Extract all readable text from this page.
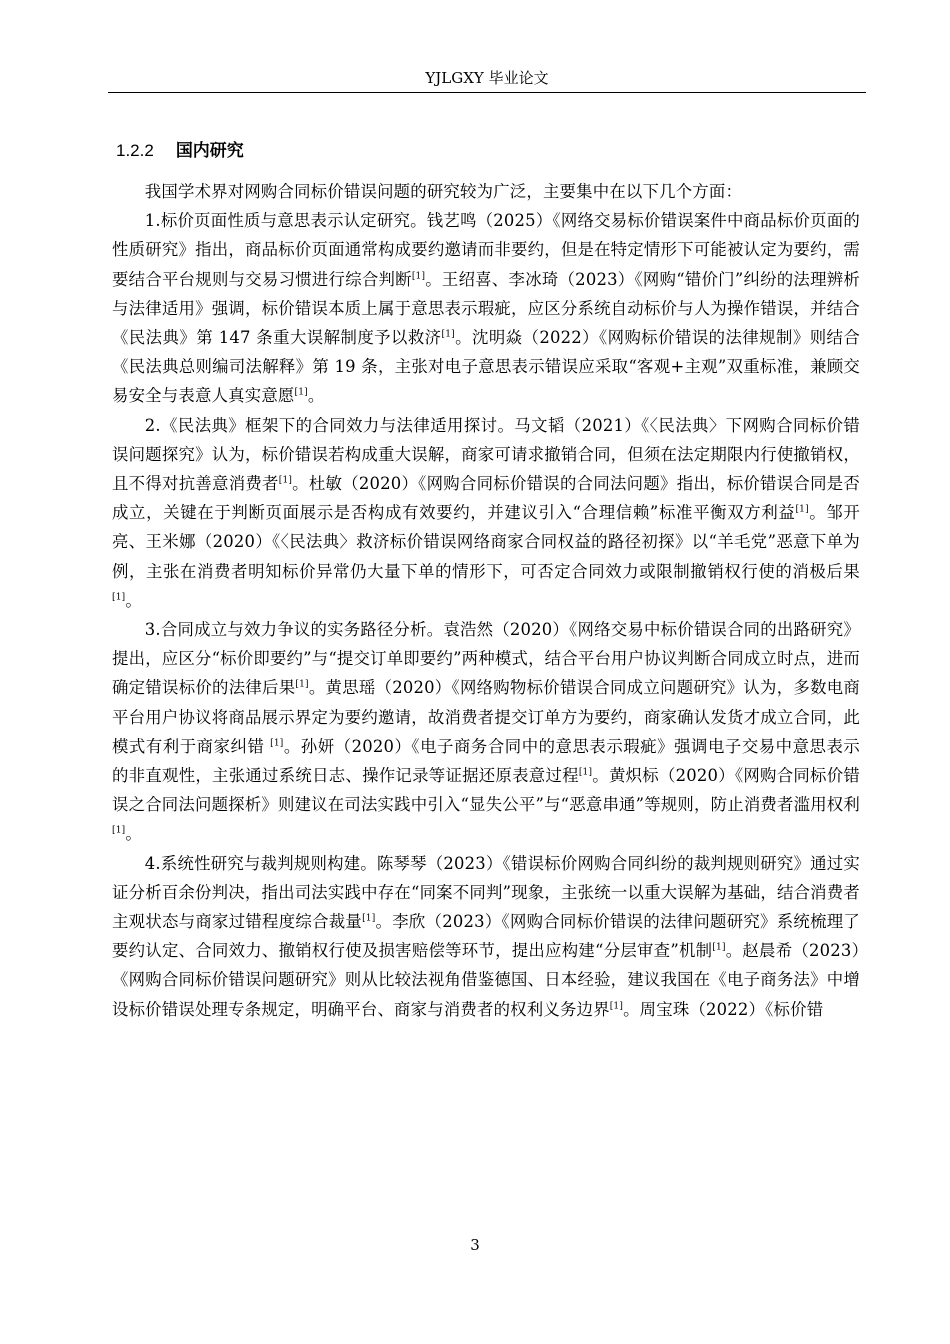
YJLGXY 毕业论文
1.2.2 国内研究

我国学术界对网购合同标价错误问题的研究较为广泛，主要集中在以下几个方面：

1.标价页面性质与意思表示认定研究。钱艺鸣（2025）《网络交易标价错误案件中商品标价页面的性质研究》指出，商品标价页面通常构成要约邀请而非要约，但是在特定情形下可能被认定为要约，需要结合平台规则与交易习惯进行综合判断[1]。王绍喜、李冰琦（2023）《网购“错价门”纠纷的法理辨析与法律适用》强调，标价错误本质上属于意思表示瑕疵，应区分系统自动标价与人为操作错误，并结合《民法典》第 147 条重大误解制度予以救济[1]。沈明焱（2022）《网购标价错误的法律规制》则结合《民法典总则编司法解释》第 19 条，主张对电子意思表示错误应采取“客观+主观”双重标准，兼顾交易安全与表意人真实意愿[1]。

2.《民法典》框架下的合同效力与法律适用探讨。马文韬（2021）《〈民法典〉下网购合同标价错误问题探究》认为，标价错误若构成重大误解，商家可请求撤销合同，但须在法定期限内行使撤销权，且不得对抗善意消费者[1]。杜敏（2020）《网购合同标价错误的合同法问题》指出，标价错误合同是否成立，关键在于判断页面展示是否构成有效要约，并建议引入“合理信赖”标准平衡双方利益[1]。邹开亮、王米娜（2020）《〈民法典〉救济标价错误网络商家合同权益的路径初探》以“羊毛党”恶意下单为例，主张在消费者明知标价异常仍大量下单的情形下，可否定合同效力或限制撤销权行使的消极后果[1]。

3.合同成立与效力争议的实务路径分析。袁浩然（2020）《网络交易中标价错误合同的出路研究》提出，应区分“标价即要约”与“提交订单即要约”两种模式，结合平台用户协议判断合同成立时点，进而确定错误标价的法律后果[1]。黄思瑶（2020）《网络购物标价错误合同成立问题研究》认为，多数电商平台用户协议将商品展示界定为要约邀请，故消费者提交订单方为要约，商家确认发货才成立合同，此模式有利于商家纠错 [1]。孙妍（2020）《电子商务合同中的意思表示瑕疵》强调电子交易中意思表示的非直观性，主张通过系统日志、操作记录等证据还原表意过程[1]。黄炽标（2020）《网购合同标价错误之合同法问题探析》则建议在司法实践中引入“显失公平”与“恶意串通”等规则，防止消费者滥用权利[1]。

4.系统性研究与裁判规则构建。陈琴琴（2023）《错误标价网购合同纠纷的裁判规则研究》通过实证分析百余份判决，指出司法实践中存在“同案不同判”现象，主张统一以重大误解为基础，结合消费者主观状态与商家过错程度综合裁量[1]。李欣（2023）《网购合同标价错误的法律问题研究》系统梳理了要约认定、合同效力、撤销权行使及损害赔偿等环节，提出应构建“分层审查”机制[1]。赵晨希（2023）《网购合同标价错误问题研究》则从比较法视角借鉴德国、日本经验，建议我国在《电子商务法》中增设标价错误处理专条规定，明确平台、商家与消费者的权利义务边界[1]。周宝珠（2022）《标价错

3
